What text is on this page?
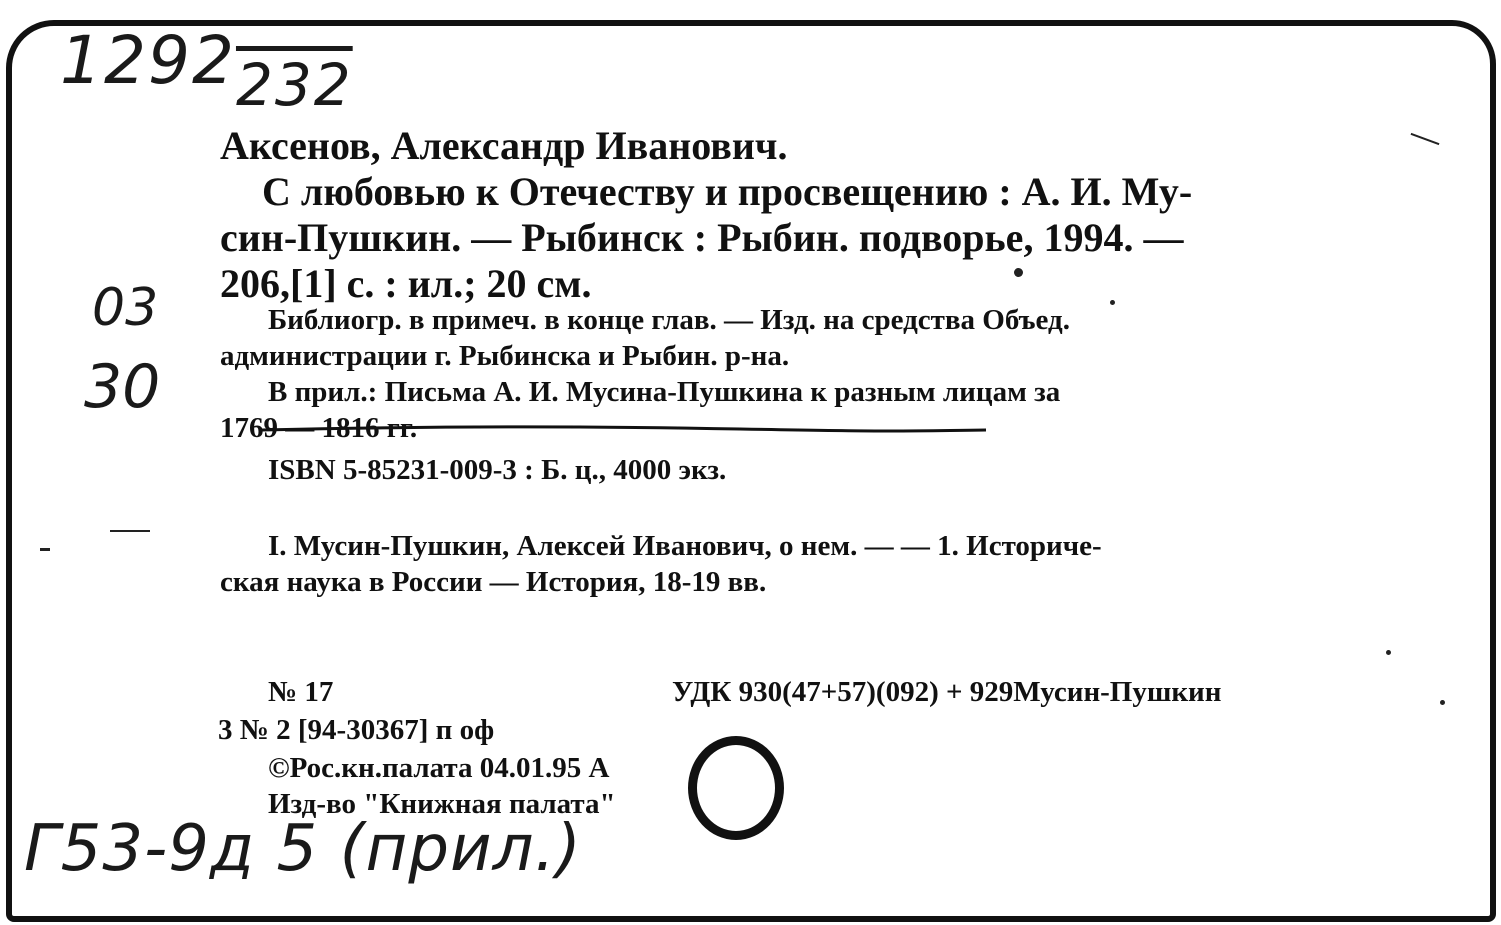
1292232
03
30
Г53-9д 5 (прил.)
Аксенов, Александр Иванович.
С любовью к Отечеству и просвещению : А. И. Му-
син-Пушкин. — Рыбинск : Рыбин. подворье, 1994. —
206,[1] с. : ил.; 20 см.
Библиогр. в примеч. в конце глав. — Изд. на средства Объед.
администрации г. Рыбинска и Рыбин. р-на.
В прил.: Письма А. И. Мусина-Пушкина к разным лицам за
1769 — 1816 гг.
ISBN 5-85231-009-3 : Б. ц., 4000 экз.
I. Мусин-Пушкин, Алексей Иванович, о нем. — — 1. Историче-
ская наука в России — История, 18-19 вв.
№ 17	УДК 930(47+57)(092) + 929Мусин-Пушкин
3 № 2 [94-30367] п оф
©Рос.кн.палата 04.01.95 А
Изд-во "Книжная палата"
